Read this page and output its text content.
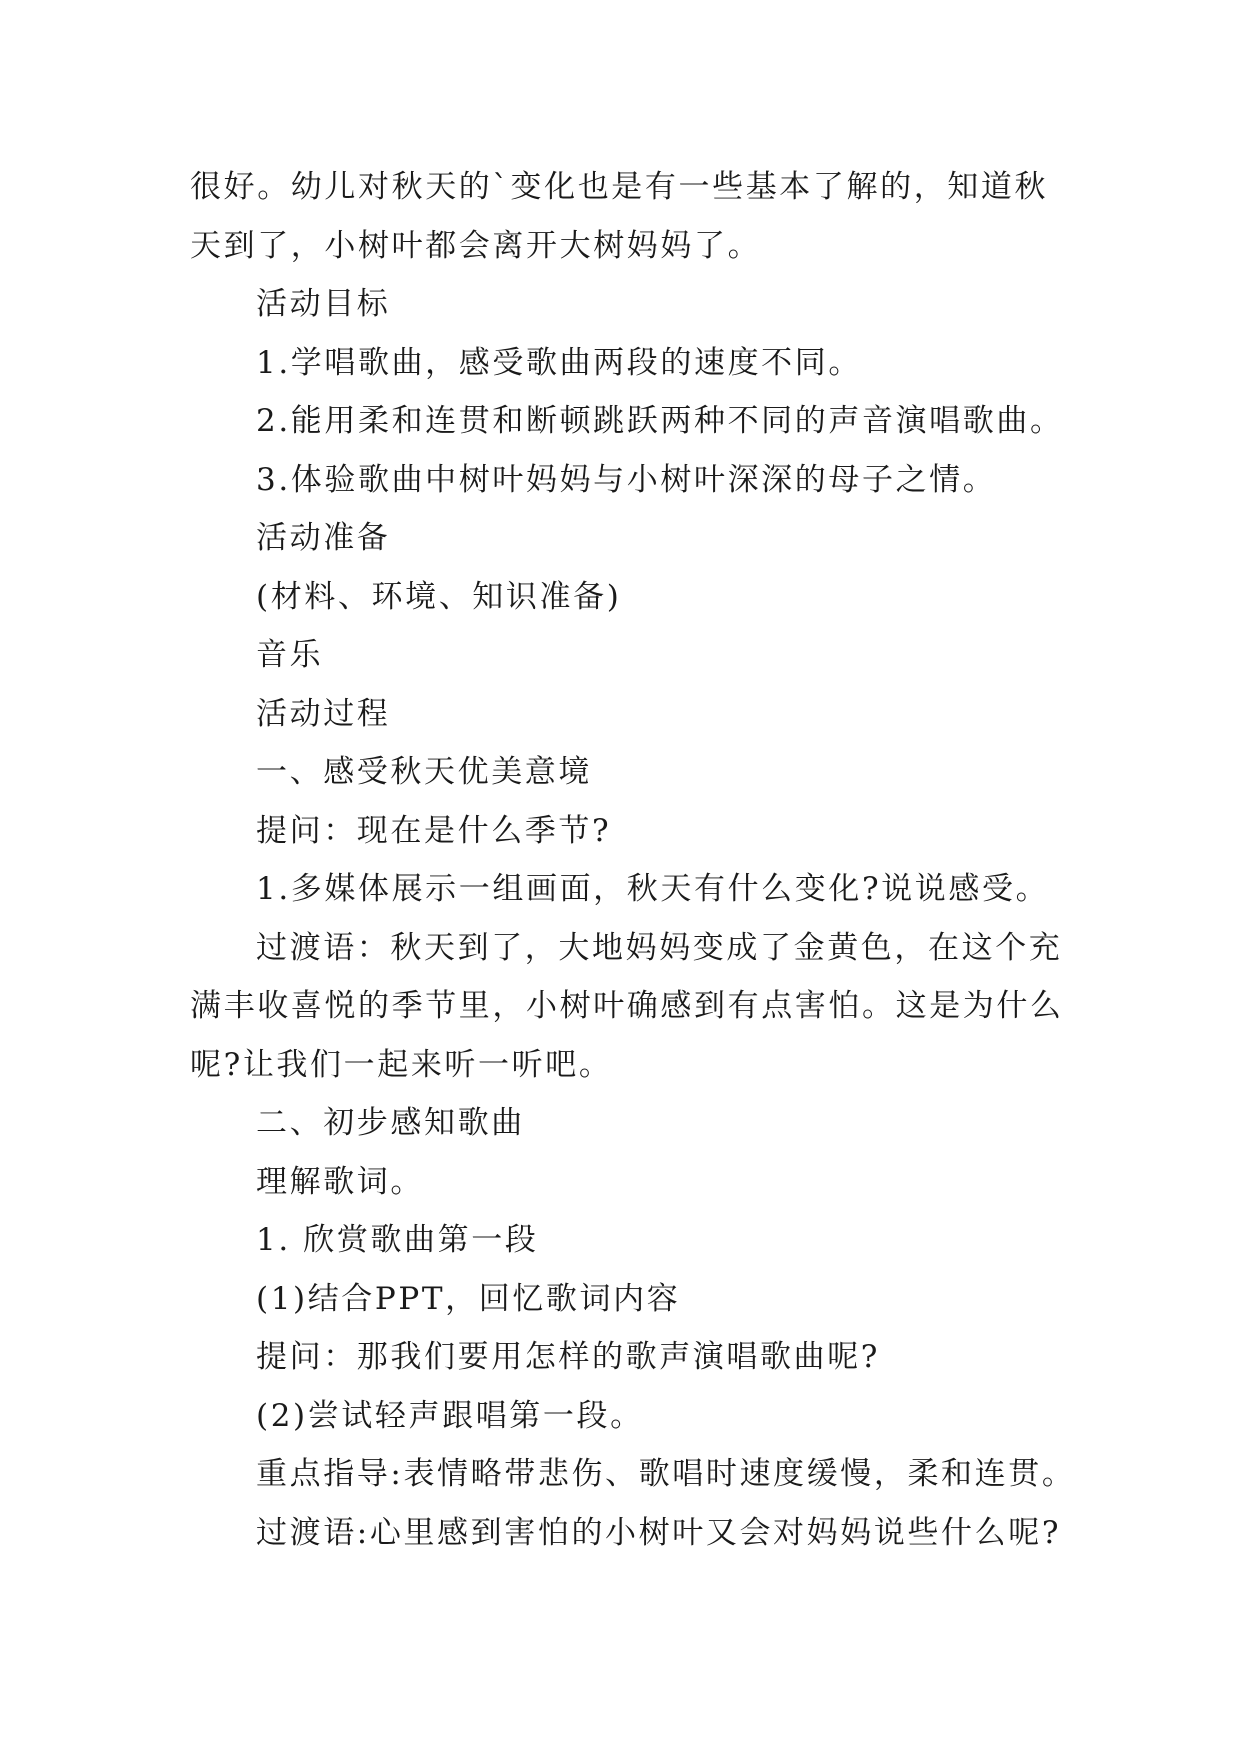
很好。幼儿对秋天的`变化也是有一些基本了解的，知道秋
天到了，小树叶都会离开大树妈妈了。
活动目标
1.学唱歌曲，感受歌曲两段的速度不同。
2.能用柔和连贯和断顿跳跃两种不同的声音演唱歌曲。
3.体验歌曲中树叶妈妈与小树叶深深的母子之情。
活动准备
(材料、环境、知识准备)
音乐
活动过程
一、感受秋天优美意境
提问：现在是什么季节?
1.多媒体展示一组画面，秋天有什么变化?说说感受。
过渡语：秋天到了，大地妈妈变成了金黄色，在这个充
满丰收喜悦的季节里，小树叶确感到有点害怕。这是为什么
呢?让我们一起来听一听吧。
二、初步感知歌曲
理解歌词。
1. 欣赏歌曲第一段
(1)结合PPT，回忆歌词内容
提问：那我们要用怎样的歌声演唱歌曲呢?
(2)尝试轻声跟唱第一段。
重点指导:表情略带悲伤、歌唱时速度缓慢，柔和连贯。
过渡语:心里感到害怕的小树叶又会对妈妈说些什么呢?
